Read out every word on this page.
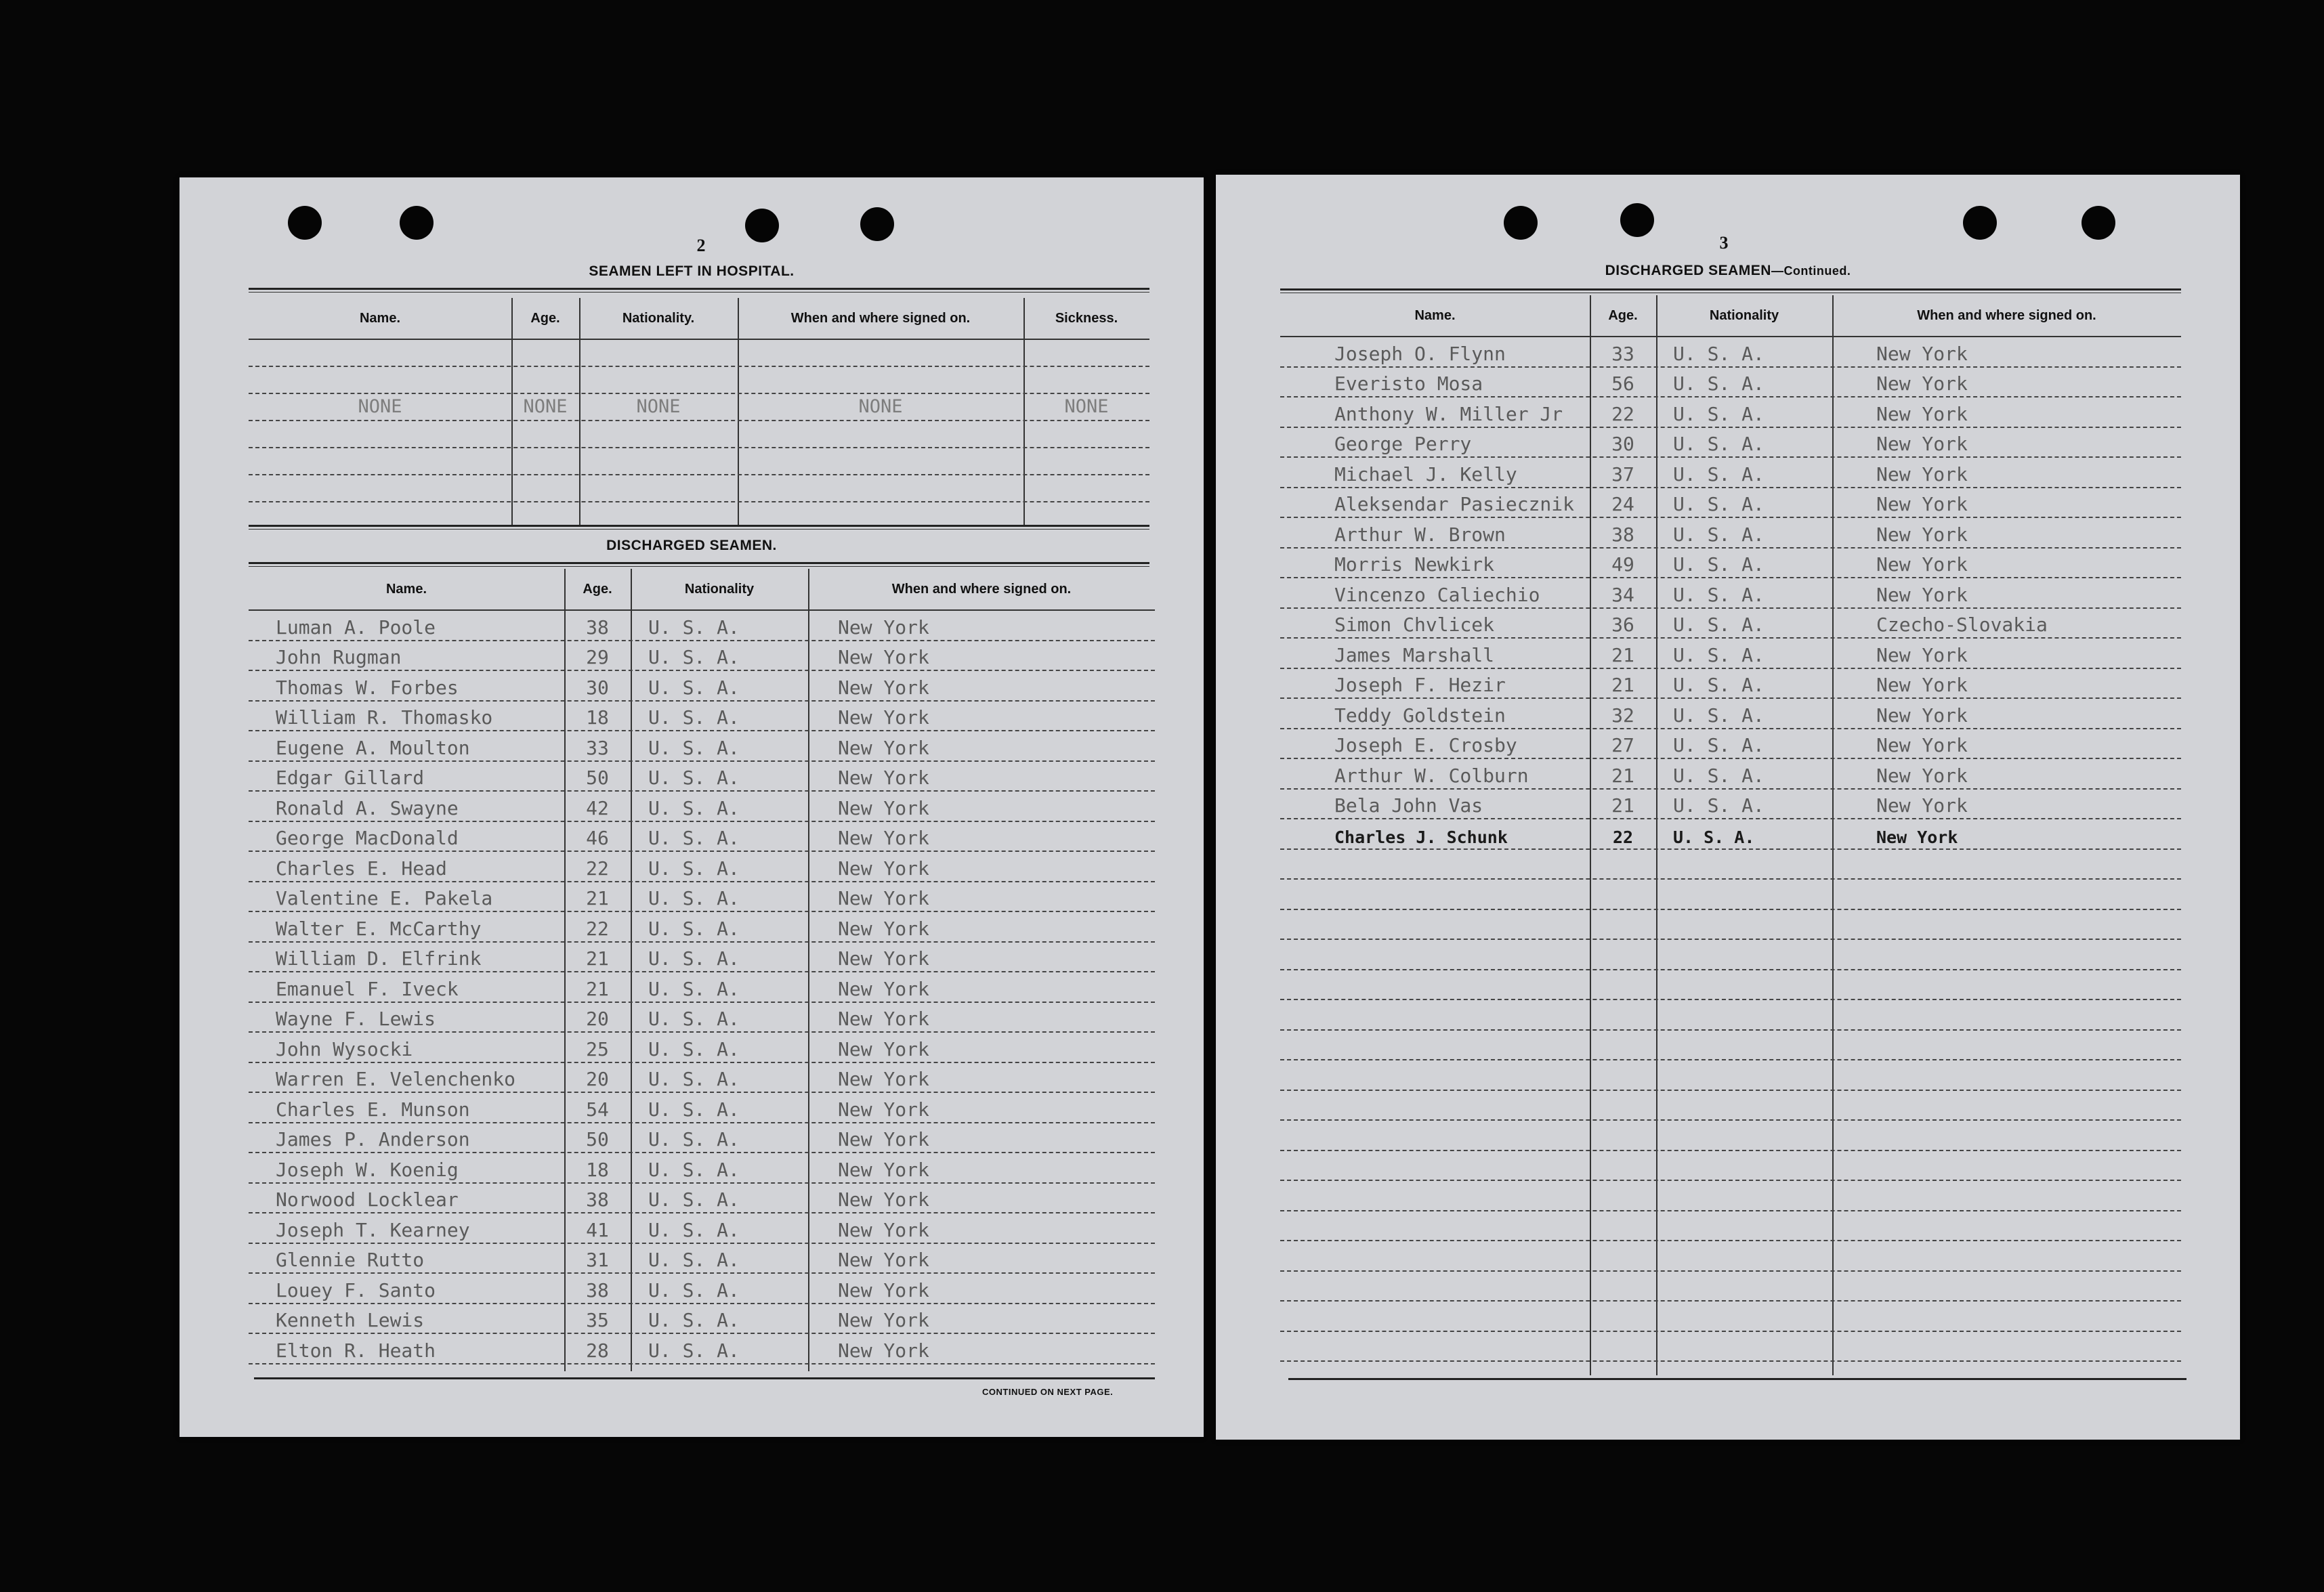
2
SEAMEN LEFT IN HOSPITAL.
Name.	Age.	Nationality.	When and where signed on.	Sickness.
NONE	NONE	NONE	NONE	NONE
DISCHARGED SEAMEN.
Name.	Age.	Nationality	When and where signed on.
Luman A. Poole	38	U. S. A.	New York
John Rugman	29	U. S. A.	New York
Thomas W. Forbes	30	U. S. A.	New York
William R. Thomasko	18	U. S. A.	New York
Eugene A. Moulton	33	U. S. A.	New York
Edgar Gillard	50	U. S. A.	New York
Ronald A. Swayne	42	U. S. A.	New York
George MacDonald	46	U. S. A.	New York
Charles E. Head	22	U. S. A.	New York
Valentine E. Pakela	21	U. S. A.	New York
Walter E. McCarthy	22	U. S. A.	New York
William D. Elfrink	21	U. S. A.	New York
Emanuel F. Iveck	21	U. S. A.	New York
Wayne F. Lewis	20	U. S. A.	New York
John Wysocki	25	U. S. A.	New York
Warren E. Velenchenko	20	U. S. A.	New York
Charles E. Munson	54	U. S. A.	New York
James P. Anderson	50	U. S. A.	New York
Joseph W. Koenig	18	U. S. A.	New York
Norwood Locklear	38	U. S. A.	New York
Joseph T. Kearney	41	U. S. A.	New York
Glennie Rutto	31	U. S. A.	New York
Louey F. Santo	38	U. S. A.	New York
Kenneth Lewis	35	U. S. A.	New York
Elton R. Heath	28	U. S. A.	New York
CONTINUED ON NEXT PAGE.
3
DISCHARGED SEAMEN—Continued.
Name.	Age.	Nationality	When and where signed on.
Joseph O. Flynn	33	U. S. A.	New York
Everisto Mosa	56	U. S. A.	New York
Anthony W. Miller Jr	22	U. S. A.	New York
George Perry	30	U. S. A.	New York
Michael J. Kelly	37	U. S. A.	New York
Aleksendar Pasiecznik	24	U. S. A.	New York
Arthur W. Brown	38	U. S. A.	New York
Morris Newkirk	49	U. S. A.	New York
Vincenzo Caliechio	34	U. S. A.	New York
Simon Chvlicek	36	U. S. A.	Czecho-Slovakia
James Marshall	21	U. S. A.	New York
Joseph F. Hezir	21	U. S. A.	New York
Teddy Goldstein	32	U. S. A.	New York
Joseph E. Crosby	27	U. S. A.	New York
Arthur W. Colburn	21	U. S. A.	New York
Bela John Vas	21	U. S. A.	New York
Charles J. Schunk	22	U. S. A.	New York
